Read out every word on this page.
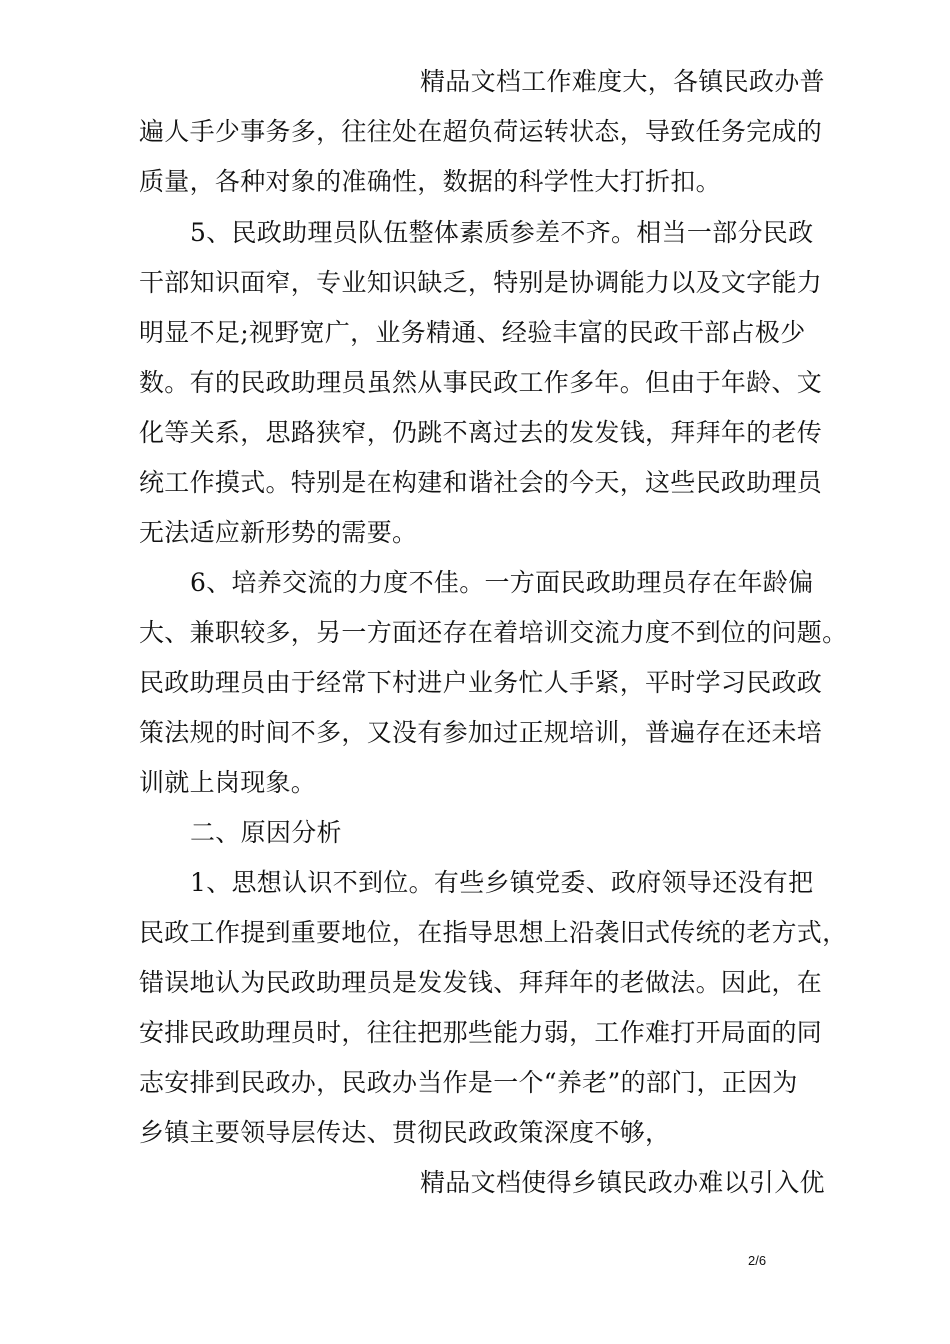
精品文档工作难度大，各镇民政办普
遍人手少事务多，往往处在超负荷运转状态，导致任务完成的
质量，各种对象的准确性，数据的科学性大打折扣。
5、民政助理员队伍整体素质参差不齐。相当一部分民政
干部知识面窄，专业知识缺乏，特别是协调能力以及文字能力
明显不足;视野宽广，业务精通、经验丰富的民政干部占极少
数。有的民政助理员虽然从事民政工作多年。但由于年龄、文
化等关系，思路狭窄，仍跳不离过去的发发钱，拜拜年的老传
统工作摸式。特别是在构建和谐社会的今天，这些民政助理员
无法适应新形势的需要。
6、培养交流的力度不佳。一方面民政助理员存在年龄偏
大、兼职较多，另一方面还存在着培训交流力度不到位的问题。
民政助理员由于经常下村进户业务忙人手紧，平时学习民政政
策法规的时间不多，又没有参加过正规培训，普遍存在还未培
训就上岗现象。
二、原因分析
1、思想认识不到位。有些乡镇党委、政府领导还没有把
民政工作提到重要地位，在指导思想上沿袭旧式传统的老方式，
错误地认为民政助理员是发发钱、拜拜年的老做法。因此，在
安排民政助理员时，往往把那些能力弱，工作难打开局面的同
志安排到民政办，民政办当作是一个“养老”的部门，正因为
乡镇主要领导层传达、贯彻民政政策深度不够，
精品文档使得乡镇民政办难以引入优
2/6
